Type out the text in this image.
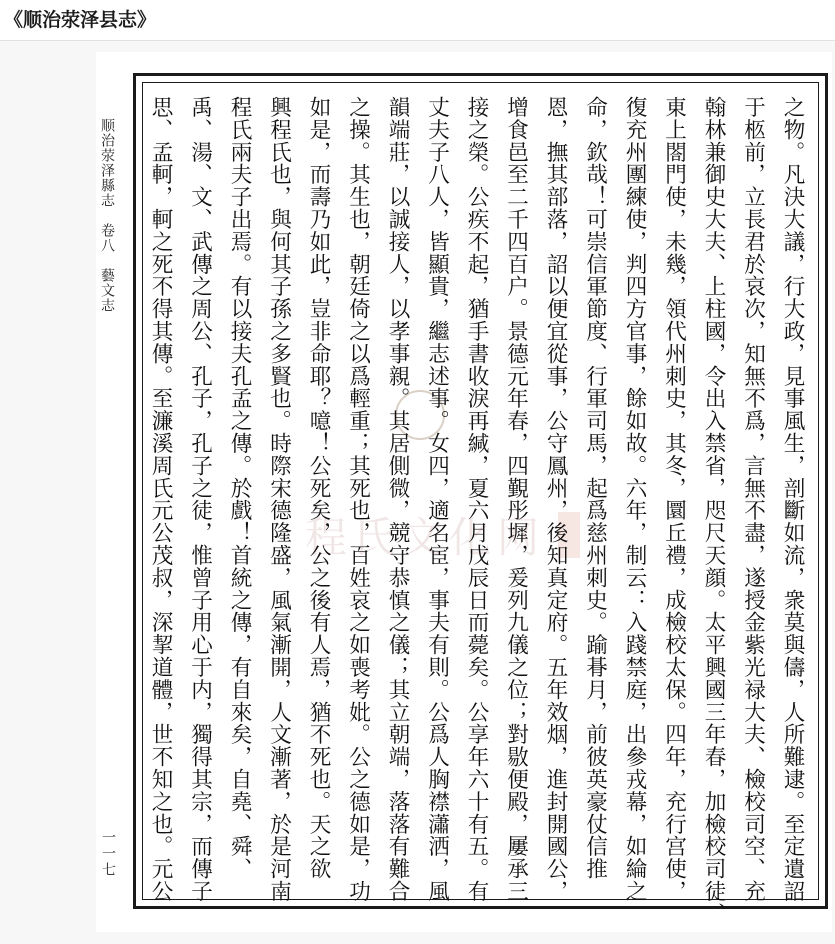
《顺治荥泽县志》
顺治荥泽縣志　卷八　藝文志
一一七
程氏文化网	之物。凡決大議，行大政，見事風生，剖斷如流，衆莫與儔，人所難逮。至定遺詔

于柩前，立長君於哀次，知無不爲，言無不盡，遂授金紫光禄大夫、檢校司空、充

翰林兼御史大夫、上柱國，令出入禁省，咫尺天顔。太平興國三年春，加檢校司徒、

東上閤門使，未幾，領代州刺史，其冬，圜丘禮，成檢校太保。四年，充行宫使，

復充州團練使，判四方官事，餘如故。六年，制云：入踐禁庭，出參戎幕，如綸之

命，欽哉！可崇信軍節度、行軍司馬，起爲慈州刺史。踰朞月，前彼英豪仗信推

恩，撫其部落，詔以便宜從事，公守鳳州，後知真定府。五年效烟，進封開國公，

增食邑至二千四百户。景德元年春，四覲彤墀，爰列九儀之位；對敭便殿，屢承三

接之榮。公疾不起，猶手書收淚再緘，夏六月戊辰日而薨矣。公享年六十有五。有

丈夫子八人，皆顯貴，繼志述事。女四，適名宦，事夫有則。公爲人胸襟瀟洒，風

韻端莊，以誠接人，以孝事親。其居側微，競守恭慎之儀；其立朝端，落落有難合

之操。其生也，朝廷倚之以爲輕重；其死也，百姓哀之如喪考妣。公之德如是，功

如是，而壽乃如此，豈非命耶？噫！公死矣，公之後有人焉，猶不死也。天之欲

興程氏也，與何其子孫之多賢也。時際宋德隆盛，風氣漸開，人文漸著，於是河南

程氏兩夫子出焉。有以接夫孔孟之傳。於戲！首統之傳，有自來矣，自堯、舜、

禹、湯、文、武傳之周公、孔子，孔子之徒，惟曾子用心于内，獨得其宗，而傳子

思、孟軻，軻之死不得其傳。至濂溪周氏元公茂叔，深挈道體，世不知之也。元公
